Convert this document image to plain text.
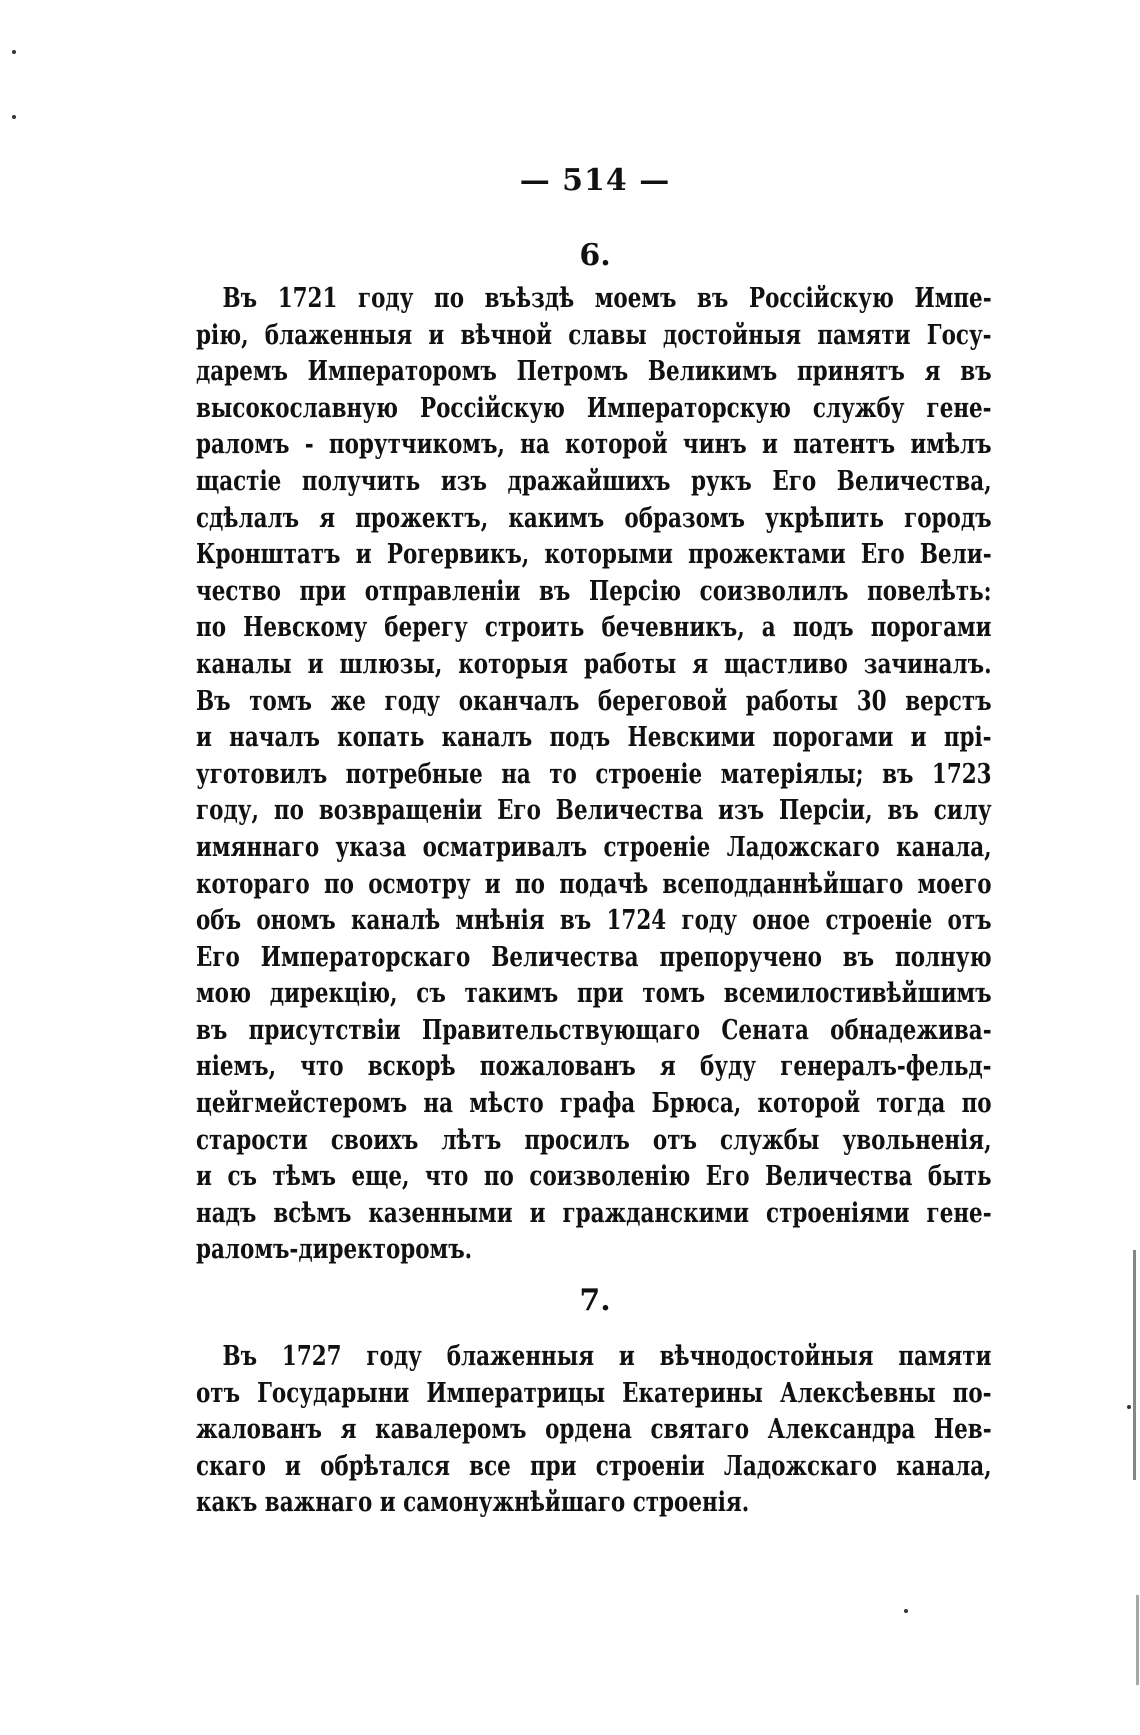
— 514 —
6.
Въ 1721 году по въѣздѣ моемъ въ Россійскую Импе-
рію, блаженныя и вѣчной славы достойныя памяти Госу-
даремъ Императоромъ Петромъ Великимъ принятъ я въ
высокославную Россійскую Императорскую службу гене-
раломъ - порутчикомъ, на которой чинъ и патентъ имѣлъ
щастіе получить изъ дражайшихъ рукъ Его Величества,
сдѣлалъ я прожектъ, какимъ образомъ укрѣпить городъ
Кронштатъ и Рогервикъ, которыми прожектами Его Вели-
чество при отправленіи въ Персію соизволилъ повелѣть:
по Невскому берегу строить бечевникъ, а подъ порогами
каналы и шлюзы, которыя работы я щастливо зачиналъ.
Въ томъ же году оканчалъ береговой работы 30 верстъ
и началъ копать каналъ подъ Невскими порогами и прі-
уготовилъ потребные на то строеніе матеріялы; въ 1723
году, по возвращеніи Его Величества изъ Персіи, въ силу
имяннаго указа осматривалъ строеніе Ладожскаго канала,
котораго по осмотру и по подачѣ всеподданнѣйшаго моего
объ ономъ каналѣ мнѣнія въ 1724 году оное строеніе отъ
Его Императорскаго Величества препоручено въ полную
мою дирекцію, съ такимъ при томъ всемилостивѣйшимъ
въ присутствіи Правительствующаго Сената обнадежива-
ніемъ, что вскорѣ пожалованъ я буду генералъ-фельд-
цейгмейстеромъ на мѣсто графа Брюса, которой тогда по
старости своихъ лѣтъ просилъ отъ службы увольненія,
и съ тѣмъ еще, что по соизволенію Его Величества быть
надъ всѣмъ казенными и гражданскими строеніями гене-
раломъ-директоромъ.
7.
Въ 1727 году блаженныя и вѣчнодостойныя памяти
отъ Государыни Императрицы Екатерины Алексѣевны по-
жалованъ я кавалеромъ ордена святаго Александра Нев-
скаго и обрѣтался все при строеніи Ладожскаго канала,
какъ важнаго и самонужнѣйшаго строенія.
